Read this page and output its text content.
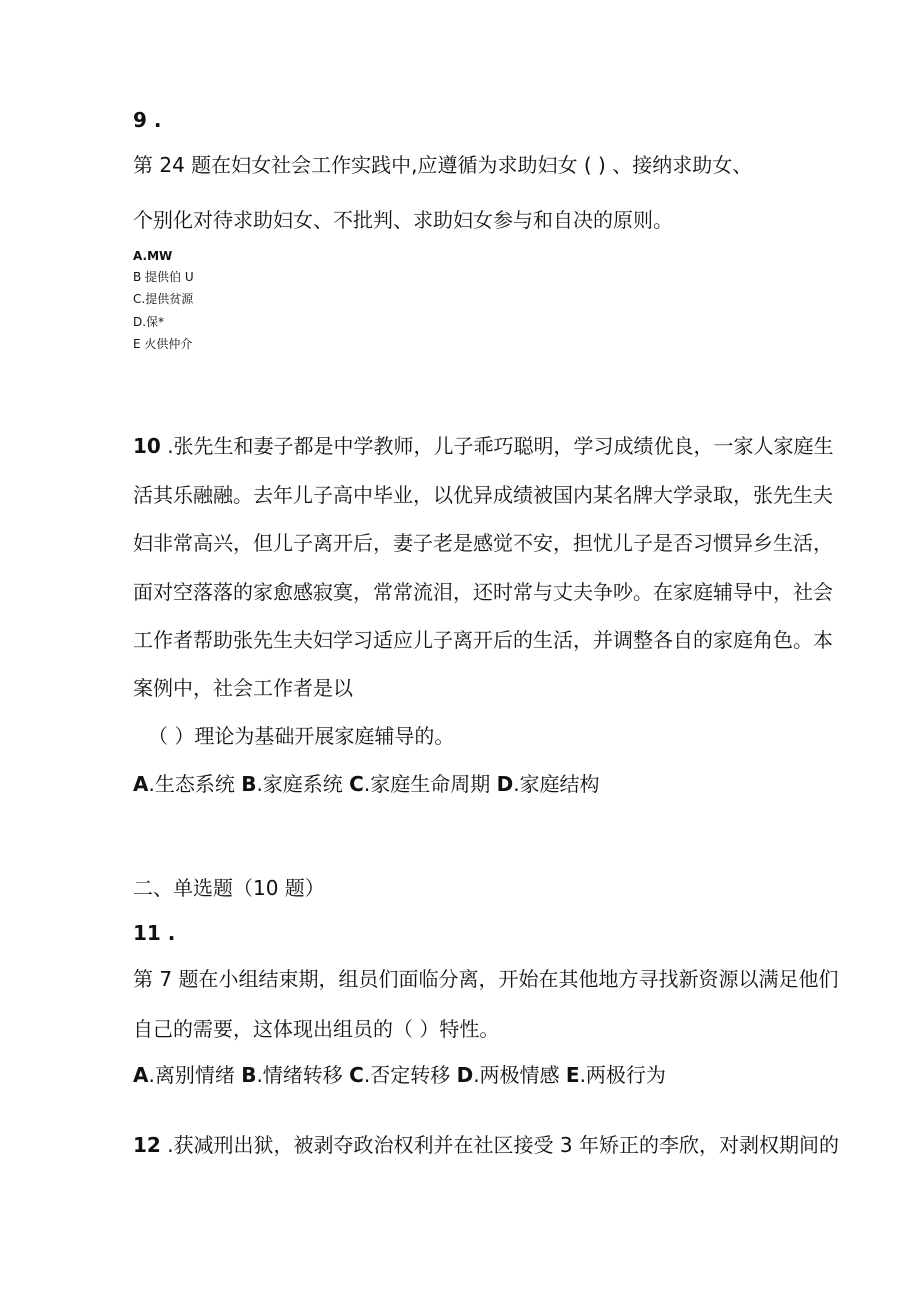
9 .
第 24 题在妇女社会工作实践中,应遵循为求助妇女 ( ) 、接纳求助女、
个别化对待求助妇女、不批判、求助妇女参与和自决的原则。
A.MW
B 提供伯 U
C.提供贫源
D.保*
E 火供仲介
10 .张先生和妻子都是中学教师，儿子乖巧聪明，学习成绩优良，一家人家庭生
活其乐融融。去年儿子高中毕业，以优异成绩被国内某名牌大学录取，张先生夫
妇非常高兴，但儿子离开后，妻子老是感觉不安，担忧儿子是否习惯异乡生活，
面对空落落的家愈感寂寞，常常流泪，还时常与丈夫争吵。在家庭辅导中，社会
工作者帮助张先生夫妇学习适应儿子离开后的生活，并调整各自的家庭角色。本
案例中，社会工作者是以
（ ）理论为基础开展家庭辅导的。
A.生态系统 B.家庭系统 C.家庭生命周期 D.家庭结构
二、单选题（10 题）
11 .
第 7 题在小组结束期，组员们面临分离，开始在其他地方寻找新资源以满足他们
自己的需要，这体现出组员的（ ）特性。
A.离别情绪 B.情绪转移 C.否定转移 D.两极情感 E.两极行为
12 .获减刑出狱，被剥夺政治权利并在社区接受 3 年矫正的李欣，对剥权期间的
